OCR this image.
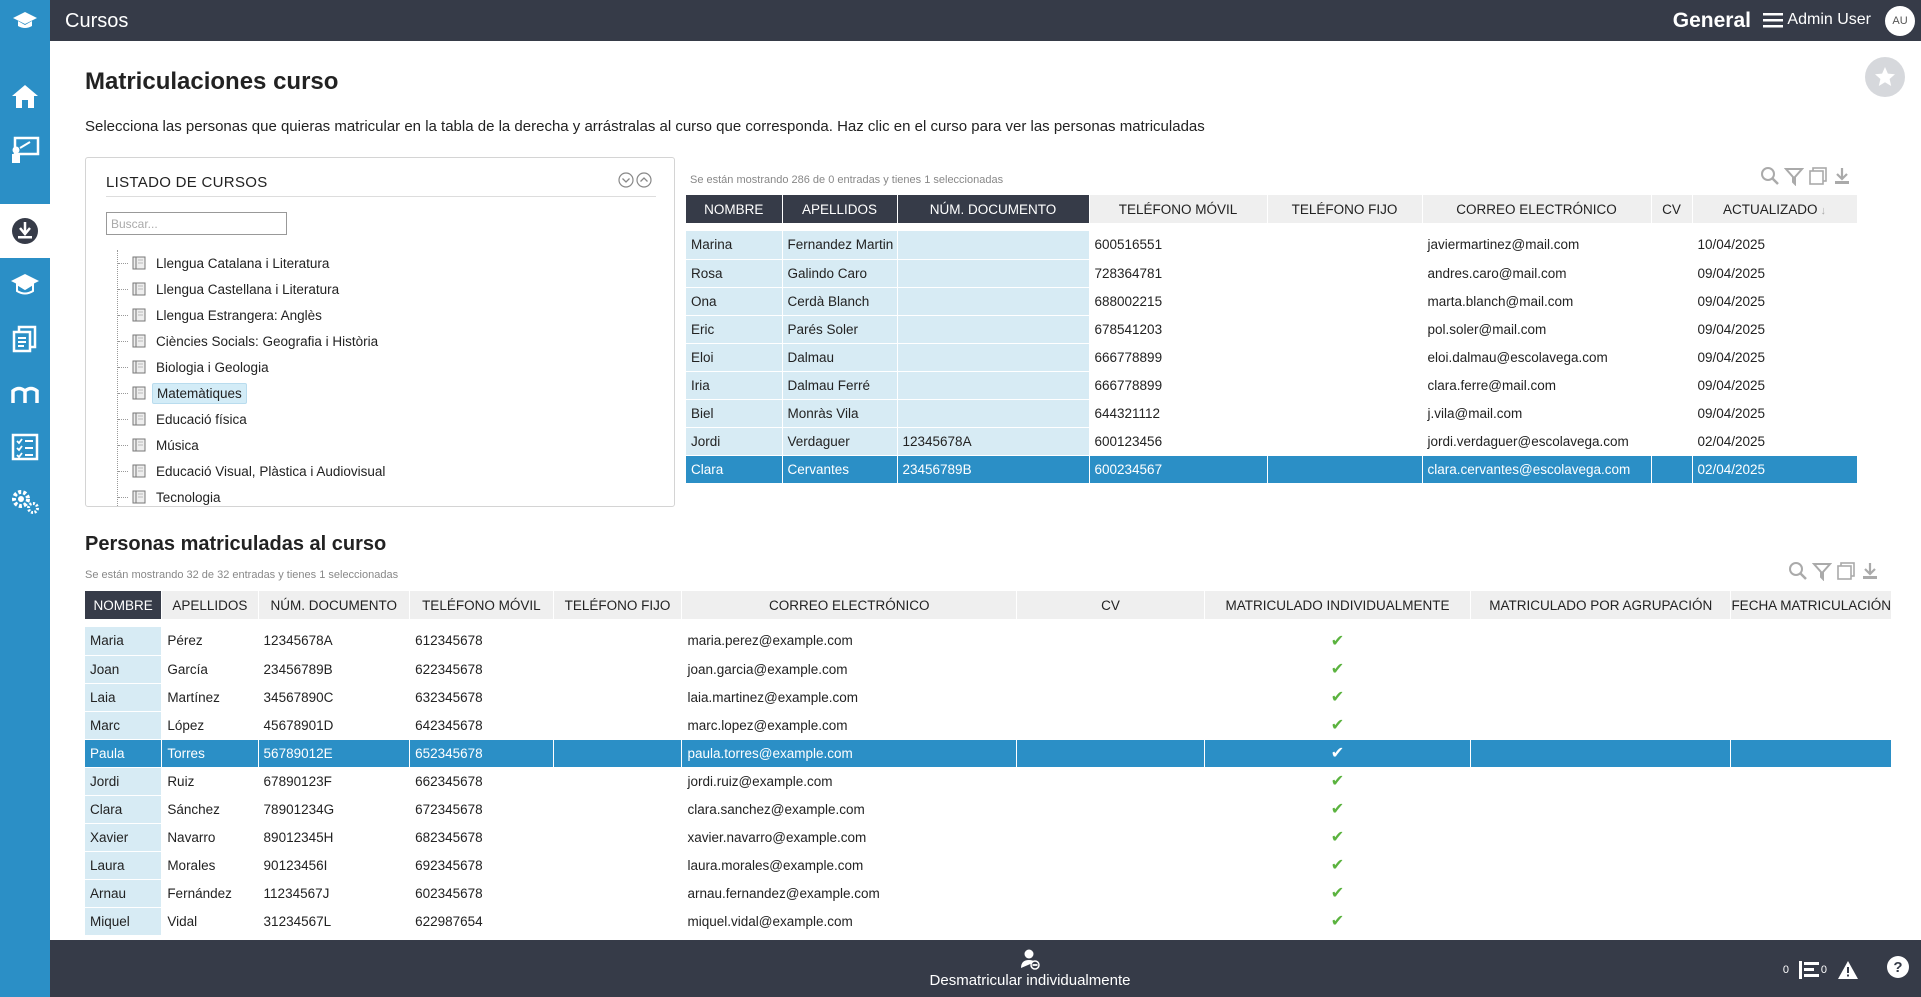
Cursos	General Admin User	AU
Matriculaciones curso
Selecciona las personas que quieras matricular en la tabla de la derecha y arrástralas al curso que corresponda. Haz clic en el curso para ver las personas matriculadas
LISTADO DE CURSOS
Buscar...
Llengua Catalana i Literatura
Llengua Castellana i Literatura
Llengua Estrangera: Anglès
Ciències Socials: Geografia i Història
Biologia i Geologia
Matemàtiques
Educació física
Música
Educació Visual, Plàstica i Audiovisual
Tecnologia
Se están mostrando 286 de 0 entradas y tienes 1 seleccionadas
NOMBRE	APELLIDOS	NÚM. DOCUMENTO	TELÉFONO MÓVIL	TELÉFONO FIJO	CORREO ELECTRÓNICO	CV	ACTUALIZADO ↓

Marina	Fernandez Martin		600516551		javiermartinez@mail.com		10/04/2025
Rosa	Galindo Caro		728364781		andres.caro@mail.com		09/04/2025
Ona	Cerdà Blanch		688002215		marta.blanch@mail.com		09/04/2025
Eric	Parés Soler		678541203		pol.soler@mail.com		09/04/2025
Eloi	Dalmau		666778899		eloi.dalmau@escolavega.com		09/04/2025
Iria	Dalmau Ferré		666778899		clara.ferre@mail.com		09/04/2025
Biel	Monràs Vila		644321112		j.vila@mail.com		09/04/2025
Jordi	Verdaguer	12345678A	600123456		jordi.verdaguer@escolavega.com		02/04/2025
Clara	Cervantes	23456789B	600234567		clara.cervantes@escolavega.com		02/04/2025
Personas matriculadas al curso
Se están mostrando 32 de 32 entradas y tienes 1 seleccionadas
NOMBRE	APELLIDOS	NÚM. DOCUMENTO	TELÉFONO MÓVIL	TELÉFONO FIJO	CORREO ELECTRÓNICO	CV	MATRICULADO INDIVIDUALMENTE	MATRICULADO POR AGRUPACIÓN	FECHA MATRICULACIÓN

Maria	Pérez	12345678A	612345678		maria.perez@example.com		✔		
Joan	García	23456789B	622345678		joan.garcia@example.com		✔		
Laia	Martínez	34567890C	632345678		laia.martinez@example.com		✔		
Marc	López	45678901D	642345678		marc.lopez@example.com		✔		
Paula	Torres	56789012E	652345678		paula.torres@example.com		✔		
Jordi	Ruiz	67890123F	662345678		jordi.ruiz@example.com		✔		
Clara	Sánchez	78901234G	672345678		clara.sanchez@example.com		✔		
Xavier	Navarro	89012345H	682345678		xavier.navarro@example.com		✔		
Laura	Morales	90123456I	692345678		laura.morales@example.com		✔		
Arnau	Fernández	11234567J	602345678		arnau.fernandez@example.com		✔		
Miquel	Vidal	31234567L	622987654		miquel.vidal@example.com		✔		
Desmatricular individualmente
0	0	?
